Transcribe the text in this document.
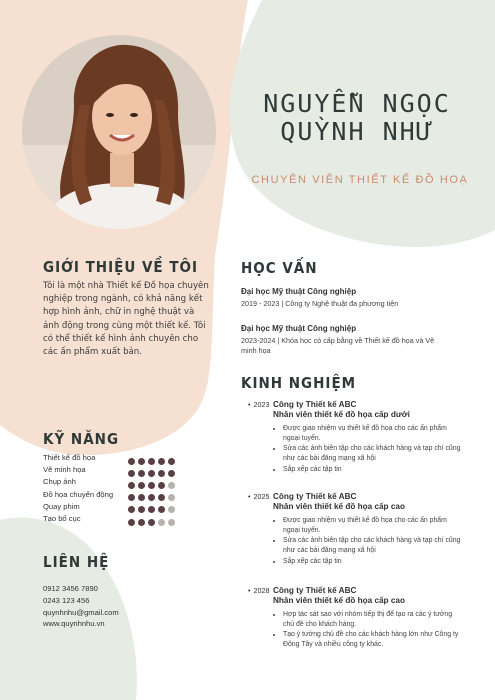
NGUYỄN NGỌC
QUỲNH NHƯ
CHUYÊN VIÊN THIẾT KẾ ĐỒ HOẠ
GIỚI THIỆU VỀ TÔI

Tôi là một nhà Thiết kế Đồ họa chuyên nghiệp trong ngành, có khả năng kết hợp hình ảnh, chữ in nghệ thuật và ảnh động trong cùng một thiết kế. Tôi có thể thiết kế hình ảnh chuyên cho các ấn phẩm xuất bản.

KỸ NĂNG
Thiết kế đồ họa
Vẽ minh họa
Chụp ảnh
Đồ họa chuyển động
Quay phim
Tạo bố cục
LIÊN HỆ
0912 3456 7890
0243 123 456
quynhnhu@gmail.com
www.quynhnhu.vn
HỌC VẤN
Đại học Mỹ thuật Công nghiệp
2019 - 2023 | Công ty Nghệ thuật đa phương tiện
Đại học Mỹ thuật Công nghiệp
2023-2024 | Khóa học có cấp bằng về Thiết kế đồ họa và Vẽ minh họa
KINH NGHIỆM
• 2023 Công ty Thiết kế ABC
Nhân viên thiết kế đồ họa cấp dưới
• Được giao nhiệm vụ thiết kế đồ họa cho các ấn phẩm ngoại tuyến.
• Sửa các ảnh biên tập cho các khách hàng và tạp chí cũng như các bài đăng mạng xã hội
• Sắp xếp các tập tin
• 2025 Công ty Thiết kế ABC
Nhân viên thiết kế đồ họa cấp cao
• Được giao nhiệm vụ thiết kế đồ họa cho các ấn phẩm ngoại tuyến.
• Sửa các ảnh biên tập cho các khách hàng và tạp chí cũng như các bài đăng mạng xã hội
• Sắp xếp các tập tin
• 2028 Công ty Thiết kế ABC
Nhân viên thiết kế đồ họa cấp cao
• Hợp tác sát sao với nhóm tiếp thị để tạo ra các ý tưởng chủ đề cho khách hàng.
• Tạo ý tưởng chủ đề cho các khách hàng lớn như Công ty Đông Tây và nhiều công ty khác.
